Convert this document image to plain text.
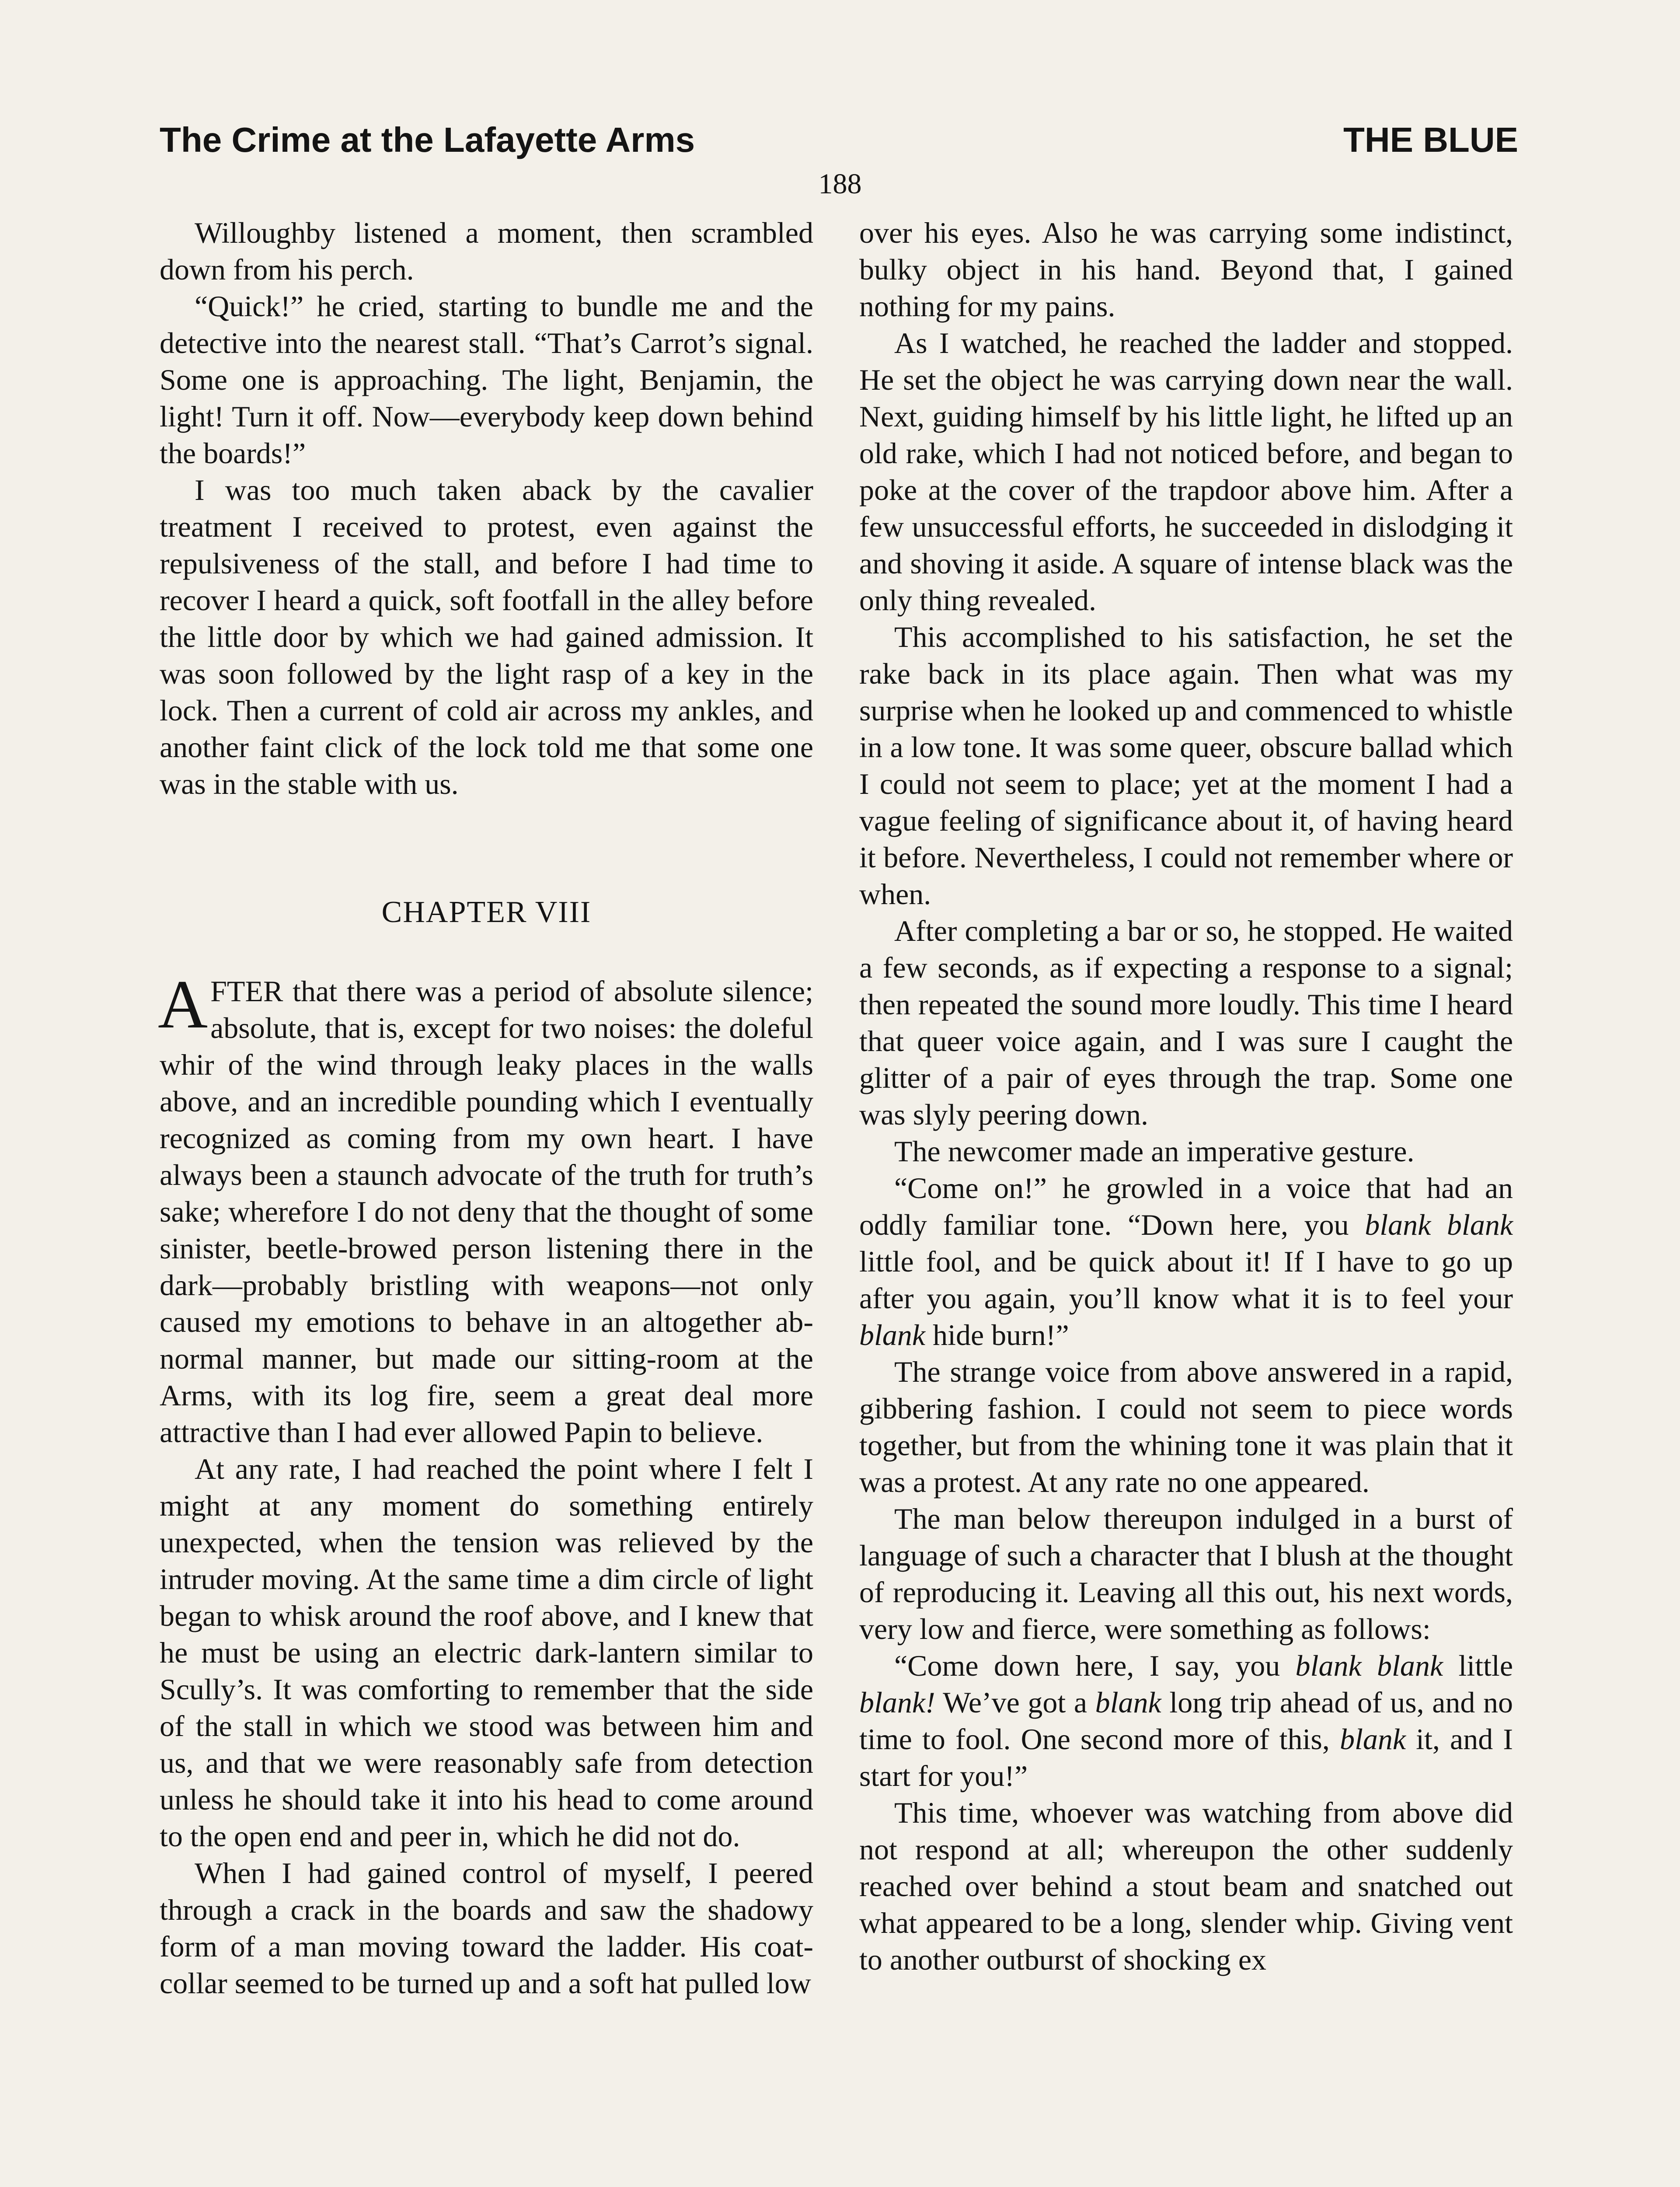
The Crime at the Lafayette Arms	THE BLUE
188

Willoughby listened a moment, then scrambled down from his perch.

“Quick!” he cried, starting to bundle me and the detective into the nearest stall. “That’s Carrot’s signal. Some one is approaching. The light, Benjamin, the light! Turn it off. Now—everybody keep down behind the boards!”

I was too much taken aback by the cavalier treatment I received to protest, even against the repulsiveness of the stall, and before I had time to recover I heard a quick, soft footfall in the alley before the little door by which we had gained admission. It was soon followed by the light rasp of a key in the lock. Then a current of cold air across my ankles, and another faint click of the lock told me that some one was in the stable with us.

CHAPTER VIII

AFTER that there was a period of absolute silence; absolute, that is, except for two noises: the doleful whir of the wind through leaky places in the walls above, and an incredible pounding which I eventually recognized as coming from my own heart. I have always been a staunch advocate of the truth for truth’s sake; wherefore I do not deny that the thought of some sinister, beetle-browed person listening there in the dark—probably bristling with weapons—not only caused my emotions to behave in an altogether abnormal manner, but made our sitting-room at the Arms, with its log fire, seem a great deal more attractive than I had ever allowed Papin to believe.

At any rate, I had reached the point where I felt I might at any moment do something entirely unexpected, when the tension was relieved by the intruder moving. At the same time a dim circle of light began to whisk around the roof above, and I knew that he must be using an electric dark-lantern similar to Scully’s. It was comforting to remember that the side of the stall in which we stood was between him and us, and that we were reasonably safe from detection unless he should take it into his head to come around to the open end and peer in, which he did not do.

When I had gained control of myself, I peered through a crack in the boards and saw the shadowy form of a man moving toward the ladder. His coat-collar seemed to be turned up and a soft hat pulled low

over his eyes. Also he was carrying some indistinct, bulky object in his hand. Beyond that, I gained nothing for my pains.

As I watched, he reached the ladder and stopped. He set the object he was carrying down near the wall. Next, guiding himself by his little light, he lifted up an old rake, which I had not noticed before, and began to poke at the cover of the trapdoor above him. After a few unsuccessful efforts, he succeeded in dislodging it and shoving it aside. A square of intense black was the only thing revealed.

This accomplished to his satisfaction, he set the rake back in its place again. Then what was my surprise when he looked up and commenced to whistle in a low tone. It was some queer, obscure ballad which I could not seem to place; yet at the moment I had a vague feeling of significance about it, of having heard it before. Nevertheless, I could not remember where or when.

After completing a bar or so, he stopped. He waited a few seconds, as if expecting a response to a signal; then repeated the sound more loudly. This time I heard that queer voice again, and I was sure I caught the glitter of a pair of eyes through the trap. Some one was slyly peering down.

The newcomer made an imperative gesture.

“Come on!” he growled in a voice that had an oddly familiar tone. “Down here, you blank blank little fool, and be quick about it! If I have to go up after you again, you’ll know what it is to feel your blank hide burn!”

The strange voice from above answered in a rapid, gibbering fashion. I could not seem to piece words together, but from the whining tone it was plain that it was a protest. At any rate no one appeared.

The man below thereupon indulged in a burst of language of such a character that I blush at the thought of reproducing it. Leaving all this out, his next words, very low and fierce, were something as follows:

“Come down here, I say, you blank blank little blank! We’ve got a blank long trip ahead of us, and no time to fool. One second more of this, blank it, and I start for you!”

This time, whoever was watching from above did not respond at all; whereupon the other suddenly reached over behind a stout beam and snatched out what appeared to be a long, slender whip. Giving vent to another outburst of shocking ex
